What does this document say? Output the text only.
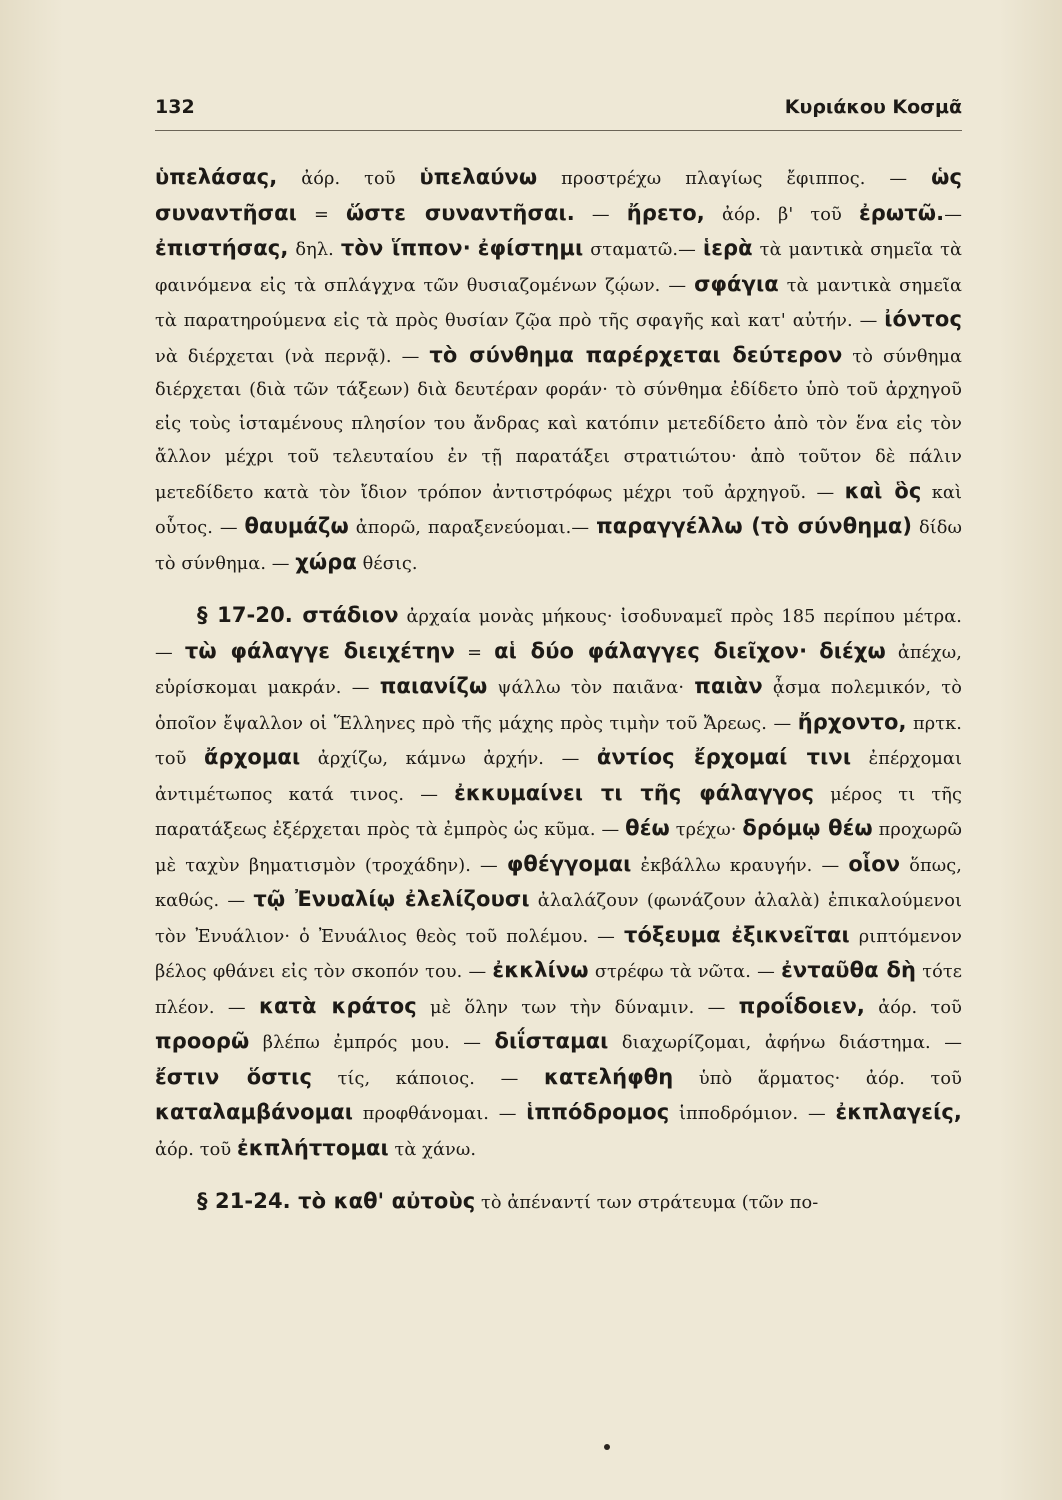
132	Κυριάκου Κοσμᾶ

ὑπελάσας, ἀόρ. τοῦ ὑπελαύνω προστρέχω πλαγίως ἔφιππος. — ὡς συναντῆσαι = ὥστε συναντῆσαι. — ἤρετο, ἀόρ. β' τοῦ ἐρωτῶ.— ἐπιστήσας, δηλ. τὸν ἵππον· ἐφίστημι σταματῶ.— ἱερὰ τὰ μαντικὰ σημεῖα τὰ φαινόμενα εἰς τὰ σπλάγχνα τῶν θυσιαζομένων ζῴων. — σφάγια τὰ μαντικὰ σημεῖα τὰ παρατηρούμενα εἰς τὰ πρὸς θυσίαν ζῷα πρὸ τῆς σφαγῆς καὶ κατ' αὐτήν. — ἰόντος νὰ διέρχεται (νὰ περνᾷ). — τὸ σύνθημα παρέρχεται δεύτερον τὸ σύνθημα διέρχεται (διὰ τῶν τάξεων) διὰ δευτέραν φοράν· τὸ σύνθημα ἐδίδετο ὑπὸ τοῦ ἀρχηγοῦ εἰς τοὺς ἱσταμένους πλησίον του ἄνδρας καὶ κατόπιν μετεδίδετο ἀπὸ τὸν ἕνα εἰς τὸν ἄλλον μέχρι τοῦ τελευταίου ἐν τῇ παρατάξει στρατιώτου· ἀπὸ τοῦτον δὲ πάλιν μετεδίδετο κατὰ τὸν ἴδιον τρόπον ἀντιστρόφως μέχρι τοῦ ἀρχηγοῦ. — καὶ ὃς καὶ οὗτος. — θαυμάζω ἀπορῶ, παραξενεύομαι.— παραγγέλλω (τὸ σύνθημα) δίδω τὸ σύνθημα. — χώρα θέσις.

§ 17-20. στάδιον ἀρχαία μονὰς μήκους· ἰσοδυναμεῖ πρὸς 185 περίπου μέτρα. — τὼ φάλαγγε διειχέτην = αἱ δύο φάλαγγες διεῖχον· διέχω ἀπέχω, εὑρίσκομαι μακράν. — παιανίζω ψάλλω τὸν παιᾶνα· παιὰν ᾆσμα πολεμικόν, τὸ ὁποῖον ἔψαλλον οἱ Ἕλληνες πρὸ τῆς μάχης πρὸς τιμὴν τοῦ Ἄρεως. — ἤρχοντο, πρτκ. τοῦ ἄρχομαι ἀρχίζω, κάμνω ἀρχήν. — ἀντίος ἔρχομαί τινι ἐπέρχομαι ἀντιμέτωπος κατά τινος. — ἐκκυμαίνει τι τῆς φάλαγγος μέρος τι τῆς παρατάξεως ἐξέρχεται πρὸς τὰ ἐμπρὸς ὡς κῦμα. — θέω τρέχω· δρόμῳ θέω προχωρῶ μὲ ταχὺν βηματισμὸν (τροχάδην). — φθέγγομαι ἐκβάλλω κραυγήν. — οἷον ὅπως, καθώς. — τῷ Ἐνυαλίῳ ἐλελίζουσι ἀλαλάζουν (φωνάζουν ἀλαλὰ) ἐπικαλούμενοι τὸν Ἐνυάλιον· ὁ Ἐνυάλιος θεὸς τοῦ πολέμου. — τόξευμα ἐξικνεῖται ριπτόμενον βέλος φθάνει εἰς τὸν σκοπόν του. — ἐκκλίνω στρέφω τὰ νῶτα. — ἐνταῦθα δὴ τότε πλέον. — κατὰ κράτος μὲ ὅλην των τὴν δύναμιν. — προΐδοιεν, ἀόρ. τοῦ προορῶ βλέπω ἐμπρός μου. — διΐσταμαι διαχωρίζομαι, ἀφήνω διάστημα. — ἔστιν ὅστις τίς, κάποιος. — κατελήφθη ὑπὸ ἅρματος· ἀόρ. τοῦ καταλαμβάνομαι προφθάνομαι. — ἱππόδρομος ἱπποδρόμιον. — ἐκπλαγείς, ἀόρ. τοῦ ἐκπλήττομαι τὰ χάνω.

§ 21-24. τὸ καθ' αὐτοὺς τὸ ἀπέναντί των στράτευμα (τῶν πο-
